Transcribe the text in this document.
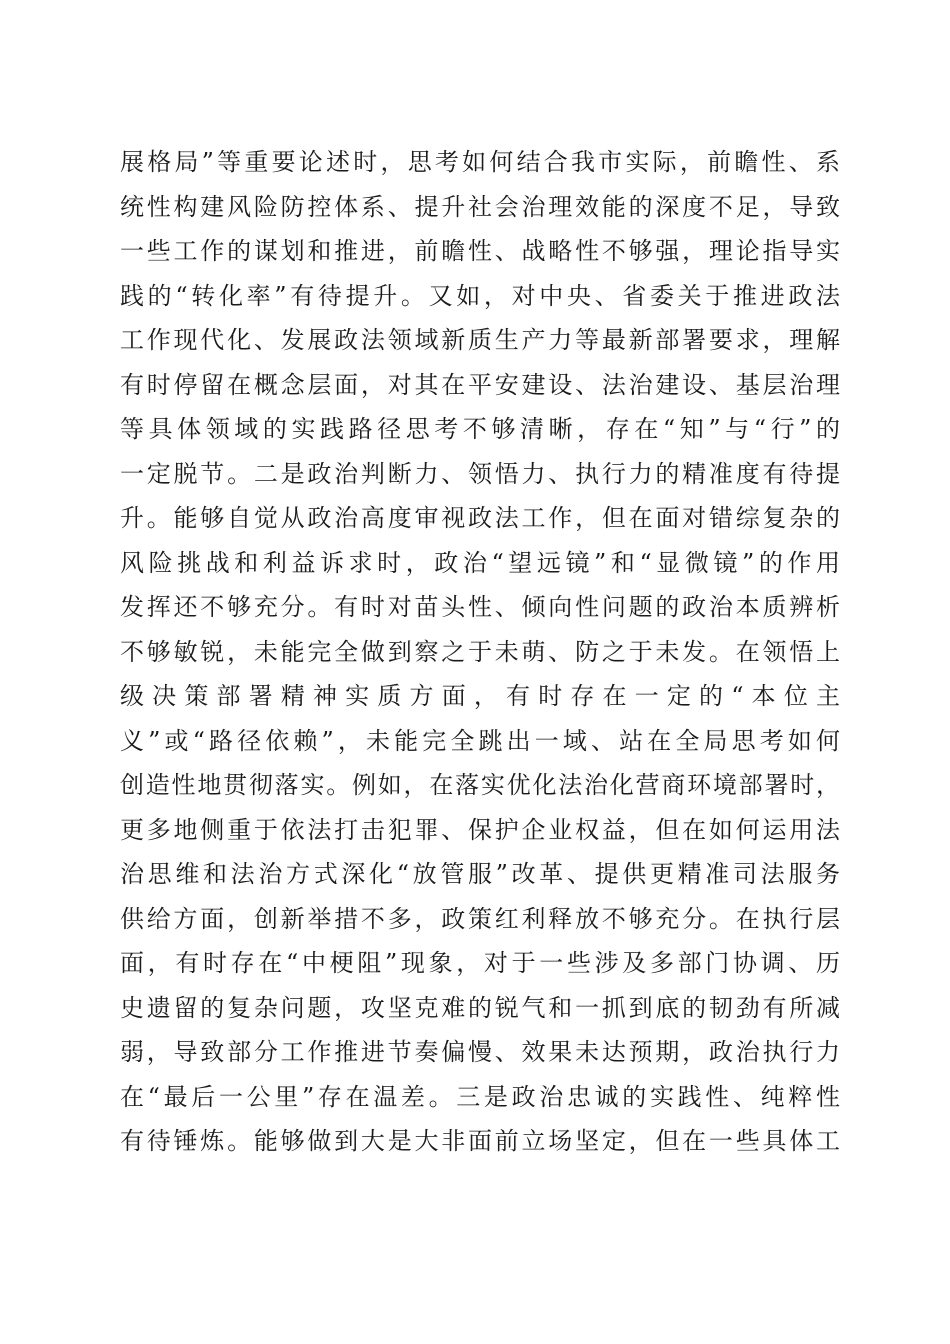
展格局”等重要论述时，思考如何结合我市实际，前瞻性、系
统性构建风险防控体系、提升社会治理效能的深度不足，导致
一些工作的谋划和推进，前瞻性、战略性不够强，理论指导实
践的“转化率”有待提升。又如，对中央、省委关于推进政法
工作现代化、发展政法领域新质生产力等最新部署要求，理解
有时停留在概念层面，对其在平安建设、法治建设、基层治理
等具体领域的实践路径思考不够清晰，存在“知”与“行”的
一定脱节。二是政治判断力、领悟力、执行力的精准度有待提
升。能够自觉从政治高度审视政法工作，但在面对错综复杂的
风险挑战和利益诉求时，政治“望远镜”和“显微镜”的作用
发挥还不够充分。有时对苗头性、倾向性问题的政治本质辨析
不够敏锐，未能完全做到察之于未萌、防之于未发。在领悟上
级决策部署精神实质方面，有时存在一定的“本位主
义”或“路径依赖”，未能完全跳出一域、站在全局思考如何
创造性地贯彻落实。例如，在落实优化法治化营商环境部署时，
更多地侧重于依法打击犯罪、保护企业权益，但在如何运用法
治思维和法治方式深化“放管服”改革、提供更精准司法服务
供给方面，创新举措不多，政策红利释放不够充分。在执行层
面，有时存在“中梗阻”现象，对于一些涉及多部门协调、历
史遗留的复杂问题，攻坚克难的锐气和一抓到底的韧劲有所减
弱，导致部分工作推进节奏偏慢、效果未达预期，政治执行力
在“最后一公里”存在温差。三是政治忠诚的实践性、纯粹性
有待锤炼。能够做到大是大非面前立场坚定，但在一些具体工
